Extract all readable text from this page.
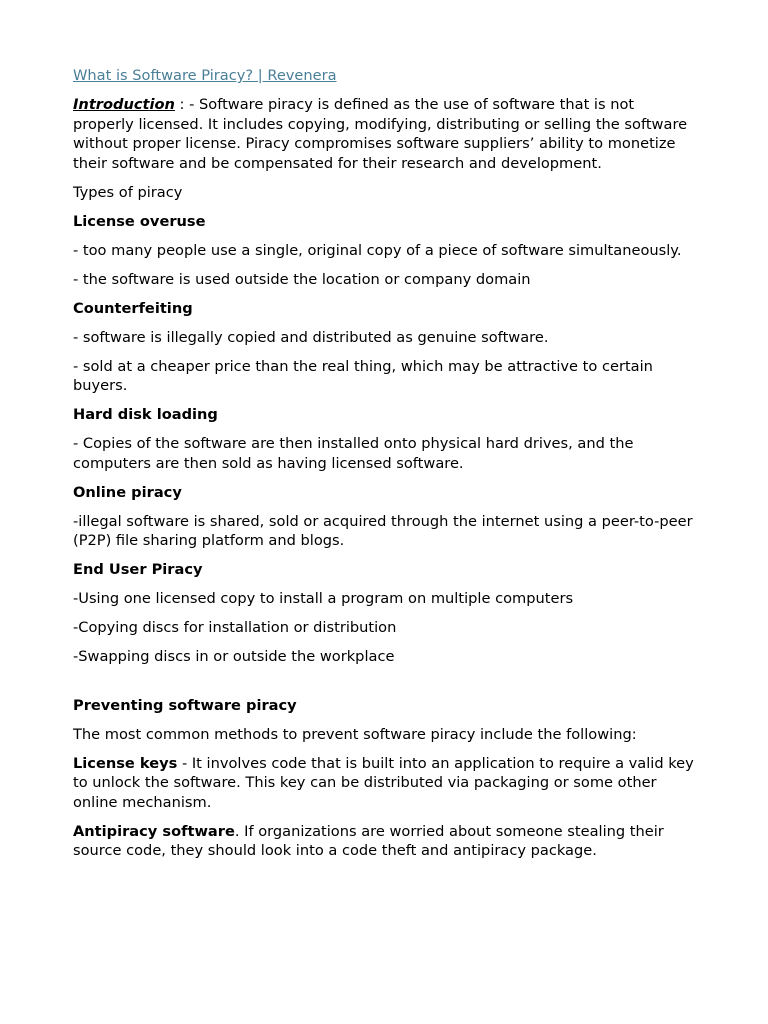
What is Software Piracy? | Revenera

Introduction : - Software piracy is defined as the use of software that is not properly licensed. It includes copying, modifying, distributing or selling the software without proper license. Piracy compromises software suppliers’ ability to monetize their software and be compensated for their research and development.

Types of piracy

License overuse

- too many people use a single, original copy of a piece of software simultaneously.

- the software is used outside the location or company domain

Counterfeiting

- software is illegally copied and distributed as genuine software.

- sold at a cheaper price than the real thing, which may be attractive to certain buyers.

Hard disk loading

- Copies of the software are then installed onto physical hard drives, and the computers are then sold as having licensed software.

Online piracy

-illegal software is shared, sold or acquired through the internet using a peer-to-peer (P2P) file sharing platform and blogs.

End User Piracy

-Using one licensed copy to install a program on multiple computers

-Copying discs for installation or distribution

-Swapping discs in or outside the workplace

Preventing software piracy

The most common methods to prevent software piracy include the following:

License keys - It involves code that is built into an application to require a valid key to unlock the software. This key can be distributed via packaging or some other online mechanism.

Antipiracy software. If organizations are worried about someone stealing their source code, they should look into a code theft and antipiracy package.
